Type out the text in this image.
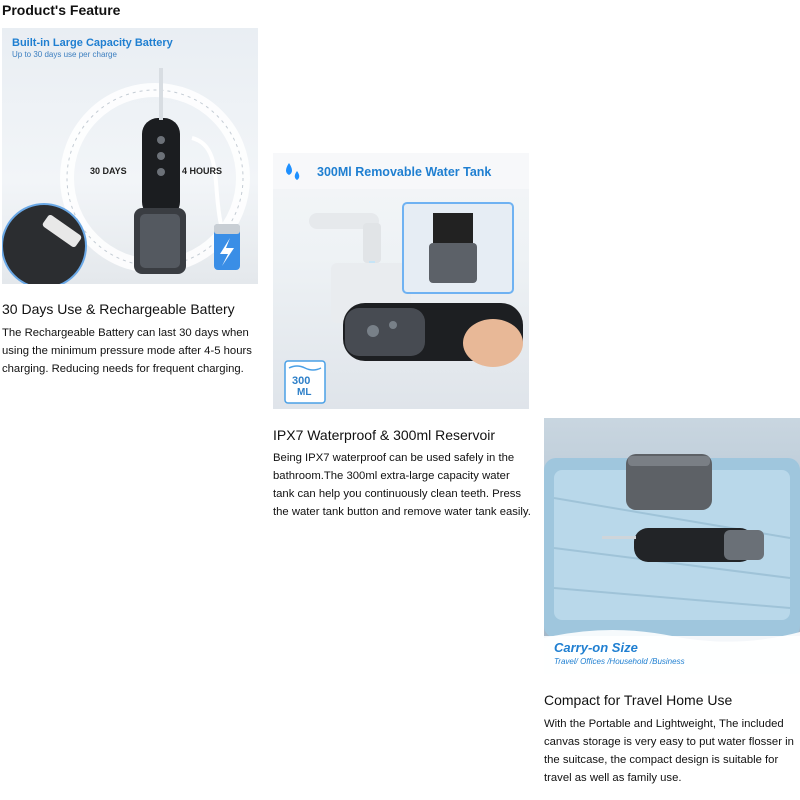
Product's Feature
Built-in Large Capacity Battery
Up to 30 days use per charge
30 DAYS	4 HOURS
30 Days Use & Rechargeable Battery
The Rechargeable Battery can last 30 days when using the minimum pressure mode after 4-5 hours charging. Reducing needs for frequent charging.
300Ml Removable Water Tank
300
ML
IPX7 Waterproof & 300ml Reservoir
Being IPX7 waterproof can be used safely in the bathroom.The 300ml extra-large capacity water tank can help you continuously clean teeth. Press the water tank button and remove water tank easily.
Carry-on Size
Travel/ Offices /Household /Business
Compact for Travel Home Use
With the Portable and Lightweight, The included canvas storage is very easy to put water flosser in the suitcase, the compact design is suitable for travel as well as family use.
